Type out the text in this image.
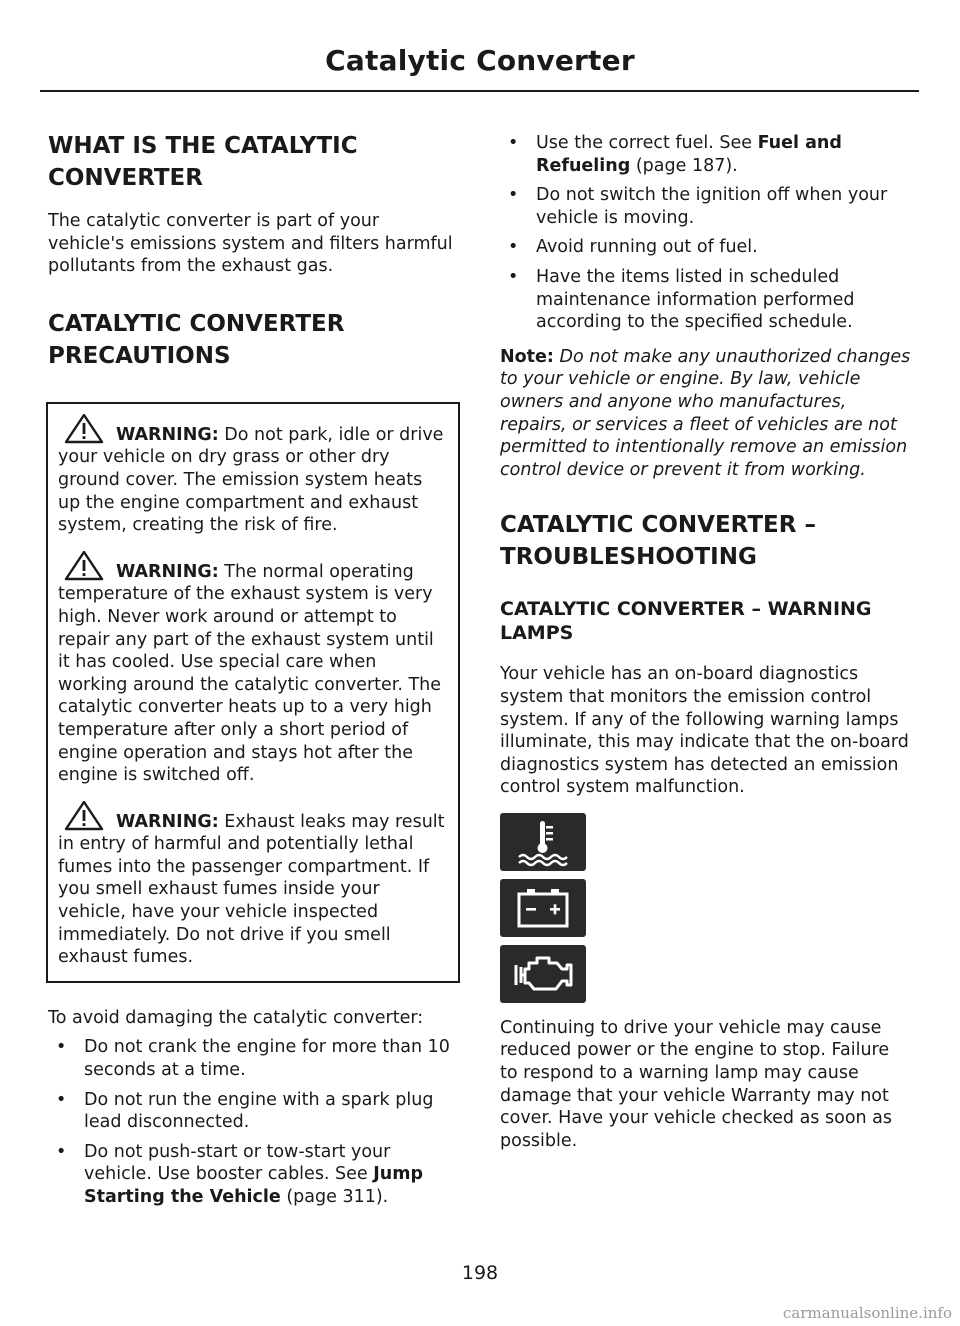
Catalytic Converter
WHAT IS THE CATALYTIC
CONVERTER

The catalytic converter is part of your vehicle's emissions system and filters harmful pollutants from the exhaust gas.

CATALYTIC CONVERTER
PRECAUTIONS

WARNING: Do not park, idle or drive your vehicle on dry grass or other dry ground cover. The emission system heats up the engine compartment and exhaust system, creating the risk of fire.

WARNING: The normal operating temperature of the exhaust system is very high. Never work around or attempt to repair any part of the exhaust system until it has cooled. Use special care when working around the catalytic converter. The catalytic converter heats up to a very high temperature after only a short period of engine operation and stays hot after the engine is switched off.

WARNING: Exhaust leaks may result in entry of harmful and potentially lethal fumes into the passenger compartment. If you smell exhaust fumes inside your vehicle, have your vehicle inspected immediately. Do not drive if you smell exhaust fumes.

To avoid damaging the catalytic converter:

• Do not crank the engine for more than 10 seconds at a time.
• Do not run the engine with a spark plug lead disconnected.
• Do not push-start or tow-start your vehicle. Use booster cables. See Jump Starting the Vehicle (page 311).
• Use the correct fuel. See Fuel and Refueling (page 187).
• Do not switch the ignition off when your vehicle is moving.
• Avoid running out of fuel.
• Have the items listed in scheduled maintenance information performed according to the specified schedule.

Note: Do not make any unauthorized changes to your vehicle or engine. By law, vehicle owners and anyone who manufactures, repairs, or services a fleet of vehicles are not permitted to intentionally remove an emission control device or prevent it from working.

CATALYTIC CONVERTER –
TROUBLESHOOTING
CATALYTIC CONVERTER – WARNING LAMPS

Your vehicle has an on-board diagnostics system that monitors the emission control system. If any of the following warning lamps illuminate, this may indicate that the on-board diagnostics system has detected an emission control system malfunction.

Continuing to drive your vehicle may cause reduced power or the engine to stop. Failure to respond to a warning lamp may cause damage that your vehicle Warranty may not cover. Have your vehicle checked as soon as possible.

198
carmanualsonline.info
